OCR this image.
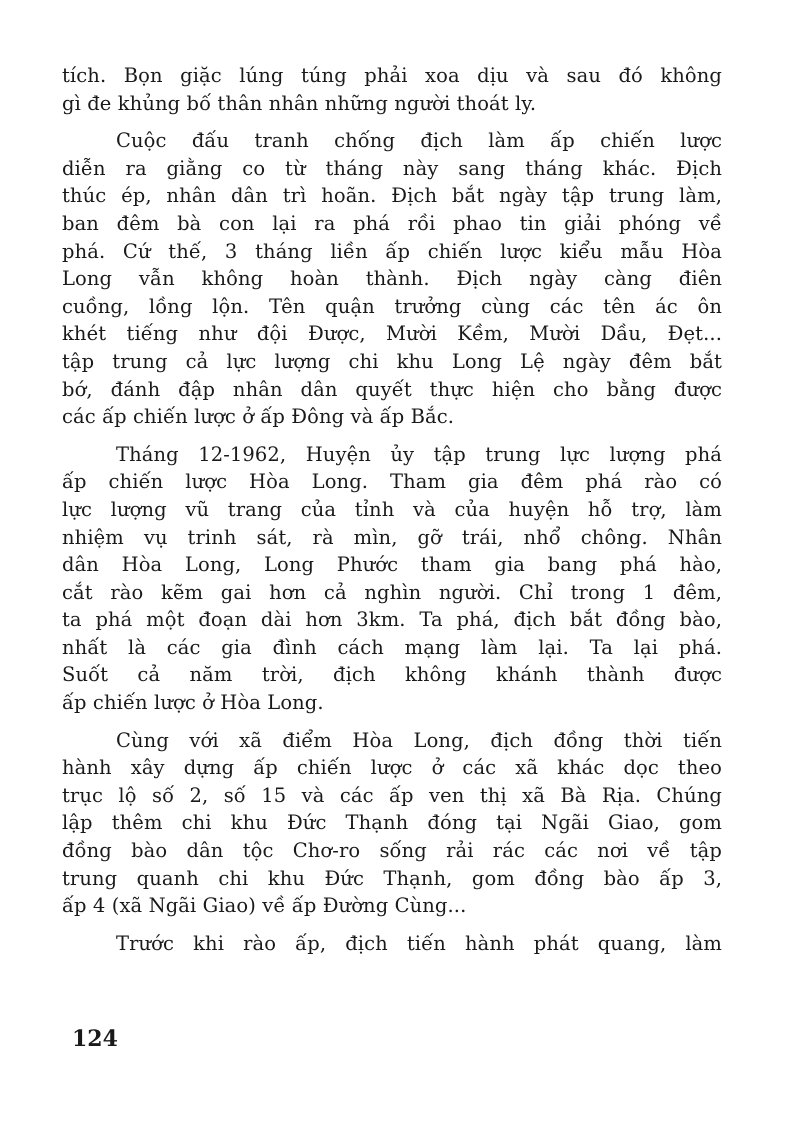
tích. Bọn giặc lúng túng phải xoa dịu và sau đó không
gì đe khủng bố thân nhân những người thoát ly.
Cuộc đấu tranh chống địch làm ấp chiến lược
diễn ra giằng co từ tháng này sang tháng khác. Địch
thúc ép, nhân dân trì hoãn. Địch bắt ngày tập trung làm,
ban đêm bà con lại ra phá rồi phao tin giải phóng về
phá. Cứ thế, 3 tháng liền ấp chiến lược kiểu mẫu Hòa
Long vẫn không hoàn thành. Địch ngày càng điên
cuồng, lồng lộn. Tên quận trưởng cùng các tên ác ôn
khét tiếng như đội Được, Mười Kềm, Mười Dầu, Đẹt...
tập trung cả lực lượng chi khu Long Lệ ngày đêm bắt
bớ, đánh đập nhân dân quyết thực hiện cho bằng được
các ấp chiến lược ở ấp Đông và ấp Bắc.
Tháng 12-1962, Huyện ủy tập trung lực lượng phá
ấp chiến lược Hòa Long. Tham gia đêm phá rào có
lực lượng vũ trang của tỉnh và của huyện hỗ trợ, làm
nhiệm vụ trinh sát, rà mìn, gỡ trái, nhổ chông. Nhân
dân Hòa Long, Long Phước tham gia bang phá hào,
cắt rào kẽm gai hơn cả nghìn người. Chỉ trong 1 đêm,
ta phá một đoạn dài hơn 3km. Ta phá, địch bắt đồng bào,
nhất là các gia đình cách mạng làm lại. Ta lại phá.
Suốt cả năm trời, địch không khánh thành được
ấp chiến lược ở Hòa Long.
Cùng với xã điểm Hòa Long, địch đồng thời tiến
hành xây dựng ấp chiến lược ở các xã khác dọc theo
trục lộ số 2, số 15 và các ấp ven thị xã Bà Rịa. Chúng
lập thêm chi khu Đức Thạnh đóng tại Ngãi Giao, gom
đồng bào dân tộc Chơ-ro sống rải rác các nơi về tập
trung quanh chi khu Đức Thạnh, gom đồng bào ấp 3,
ấp 4 (xã Ngãi Giao) về ấp Đường Cùng...
Trước khi rào ấp, địch tiến hành phát quang, làm
124
